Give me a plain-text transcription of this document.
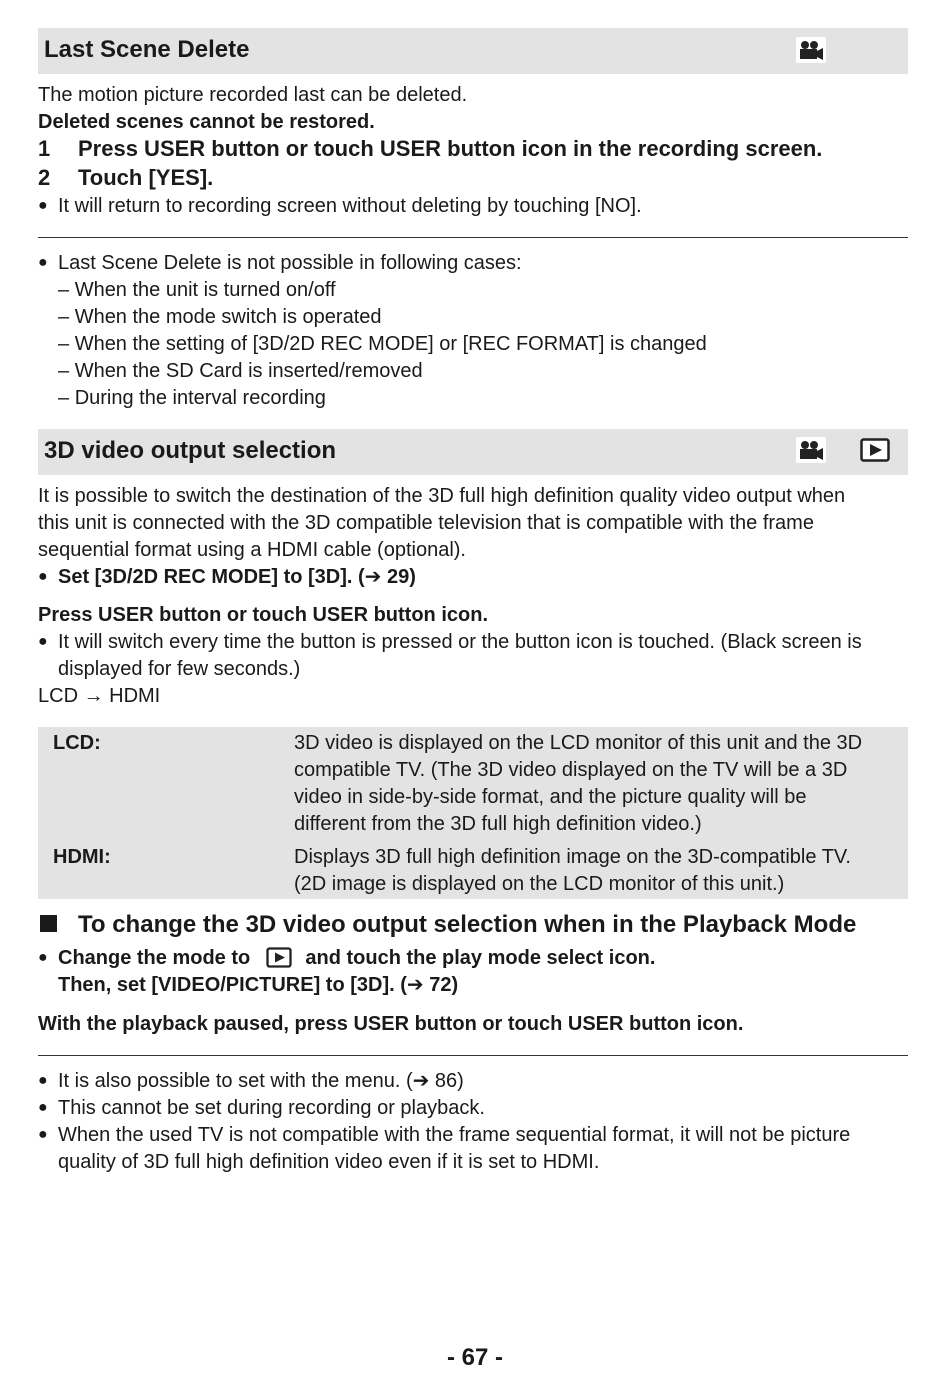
Last Scene Delete
The motion picture recorded last can be deleted.
Deleted scenes cannot be restored.
1 Press USER button or touch USER button icon in the recording screen.
2 Touch [YES].
● It will return to recording screen without deleting by touching [NO].
● Last Scene Delete is not possible in following cases:
– When the unit is turned on/off
– When the mode switch is operated
– When the setting of [3D/2D REC MODE] or [REC FORMAT] is changed
– When the SD Card is inserted/removed
– During the interval recording
3D video output selection
It is possible to switch the destination of the 3D full high definition quality video output when
this unit is connected with the 3D compatible television that is compatible with the frame
sequential format using a HDMI cable (optional).
● Set [3D/2D REC MODE] to [3D]. (➔ 29)
Press USER button or touch USER button icon.
● It will switch every time the button is pressed or the button icon is touched. (Black screen is
displayed for few seconds.)
LCD → HDMI
LCD:	3D video is displayed on the LCD monitor of this unit and the 3D
compatible TV. (The 3D video displayed on the TV will be a 3D
video in side-by-side format, and the picture quality will be
different from the 3D full high definition video.)
HDMI:	Displays 3D full high definition image on the 3D-compatible TV.
(2D image is displayed on the LCD monitor of this unit.)
To change the 3D video output selection when in the Playback Mode
● Change the mode to	and touch the play mode select icon.
Then, set [VIDEO/PICTURE] to [3D]. (➔ 72)
With the playback paused, press USER button or touch USER button icon.
● It is also possible to set with the menu. (➔ 86)
● This cannot be set during recording or playback.
● When the used TV is not compatible with the frame sequential format, it will not be picture
quality of 3D full high definition video even if it is set to HDMI.
- 67 -
